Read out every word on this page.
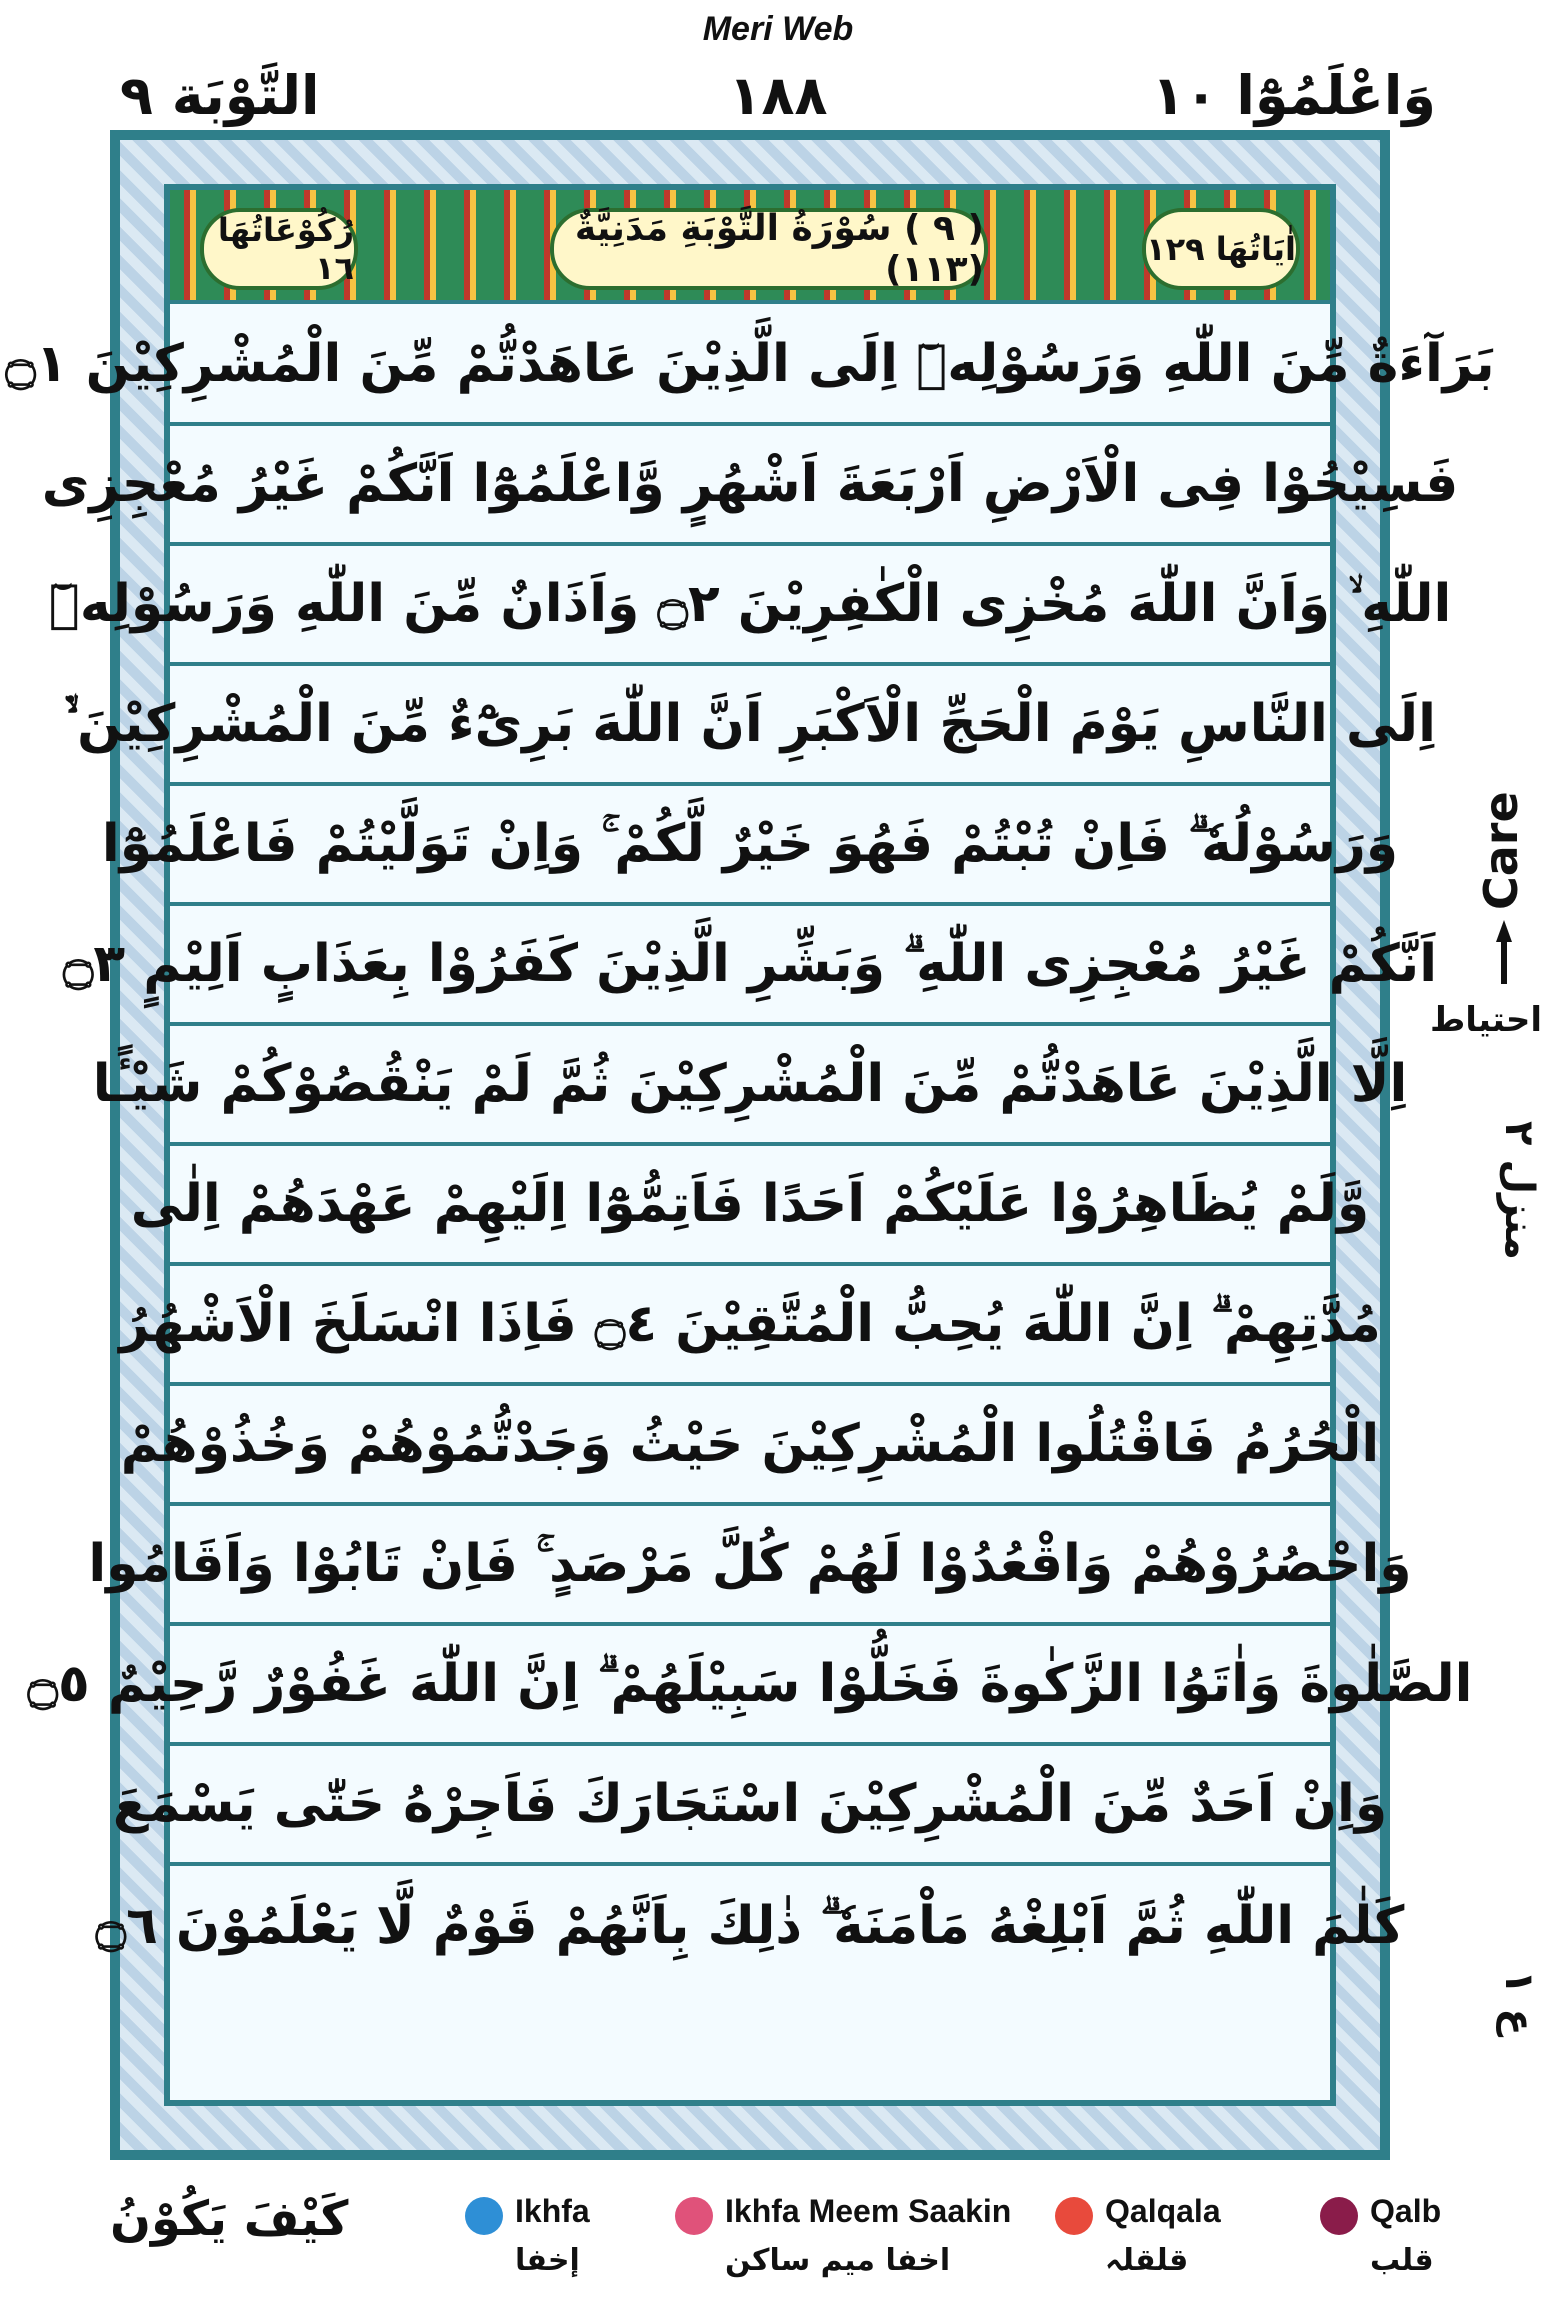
Meri Web
وَاعْلَمُوْٓا ١٠
١٨٨
التَّوْبَة ٩
اٰيَاتُهَا ١٢٩
( ٩ ) سُوْرَةُ التَّوْبَةِ مَدَنِيَّةٌ (١١٣)
رُكُوْعَاتُهَا ١٦
بَرَآءَةٌ مِّنَ اللّٰهِ وَرَسُوْلِهٖٓ اِلَى الَّذِيْنَ عَاهَدْتُّمْ مِّنَ الْمُشْرِكِيْنَ ۝١
فَسِيْحُوْا فِى الْاَرْضِ اَرْبَعَةَ اَشْهُرٍ وَّاعْلَمُوْٓا اَنَّكُمْ غَيْرُ مُعْجِزِى
اللّٰهِ ۙ وَاَنَّ اللّٰهَ مُخْزِى الْكٰفِرِيْنَ ۝٢ وَاَذَانٌ مِّنَ اللّٰهِ وَرَسُوْلِهٖٓ
اِلَى النَّاسِ يَوْمَ الْحَجِّ الْاَكْبَرِ اَنَّ اللّٰهَ بَرِىْٓءٌ مِّنَ الْمُشْرِكِيْنَ ۙ۬
وَرَسُوْلُهٗ ۗ فَاِنْ تُبْتُمْ فَهُوَ خَيْرٌ لَّكُمْ ۚ وَاِنْ تَوَلَّيْتُمْ فَاعْلَمُوْٓا
اَنَّكُمْ غَيْرُ مُعْجِزِى اللّٰهِ ۗ وَبَشِّرِ الَّذِيْنَ كَفَرُوْا بِعَذَابٍ اَلِيْمٍ ۝٣
اِلَّا الَّذِيْنَ عَاهَدْتُّمْ مِّنَ الْمُشْرِكِيْنَ ثُمَّ لَمْ يَنْقُصُوْكُمْ شَيْـًٔا
وَّلَمْ يُظَاهِرُوْا عَلَيْكُمْ اَحَدًا فَاَتِمُّوْٓا اِلَيْهِمْ عَهْدَهُمْ اِلٰى
مُدَّتِهِمْ ۗ اِنَّ اللّٰهَ يُحِبُّ الْمُتَّقِيْنَ ۝٤ فَاِذَا انْسَلَخَ الْاَشْهُرُ
الْحُرُمُ فَاقْتُلُوا الْمُشْرِكِيْنَ حَيْثُ وَجَدْتُّمُوْهُمْ وَخُذُوْهُمْ
وَاحْصُرُوْهُمْ وَاقْعُدُوْا لَهُمْ كُلَّ مَرْصَدٍ ۚ فَاِنْ تَابُوْا وَاَقَامُوا
الصَّلٰوةَ وَاٰتَوُا الزَّكٰوةَ فَخَلُّوْا سَبِيْلَهُمْ ۗ اِنَّ اللّٰهَ غَفُوْرٌ رَّحِيْمٌ ۝٥
وَاِنْ اَحَدٌ مِّنَ الْمُشْرِكِيْنَ اسْتَجَارَكَ فَاَجِرْهُ حَتّٰى يَسْمَعَ
كَلٰمَ اللّٰهِ ثُمَّ اَبْلِغْهُ مَاْمَنَهٗ ۗ ذٰلِكَ بِاَنَّهُمْ قَوْمٌ لَّا يَعْلَمُوْنَ ۝٦
Care
احتیاط
منزل ٢
ع ١
كَيْفَ يَكُوْنُ	Ikhfa
إخفا
Ikhfa Meem Saakin
اخفا میم ساکن
Qalqala
قلقلہ
Qalb
قلب
